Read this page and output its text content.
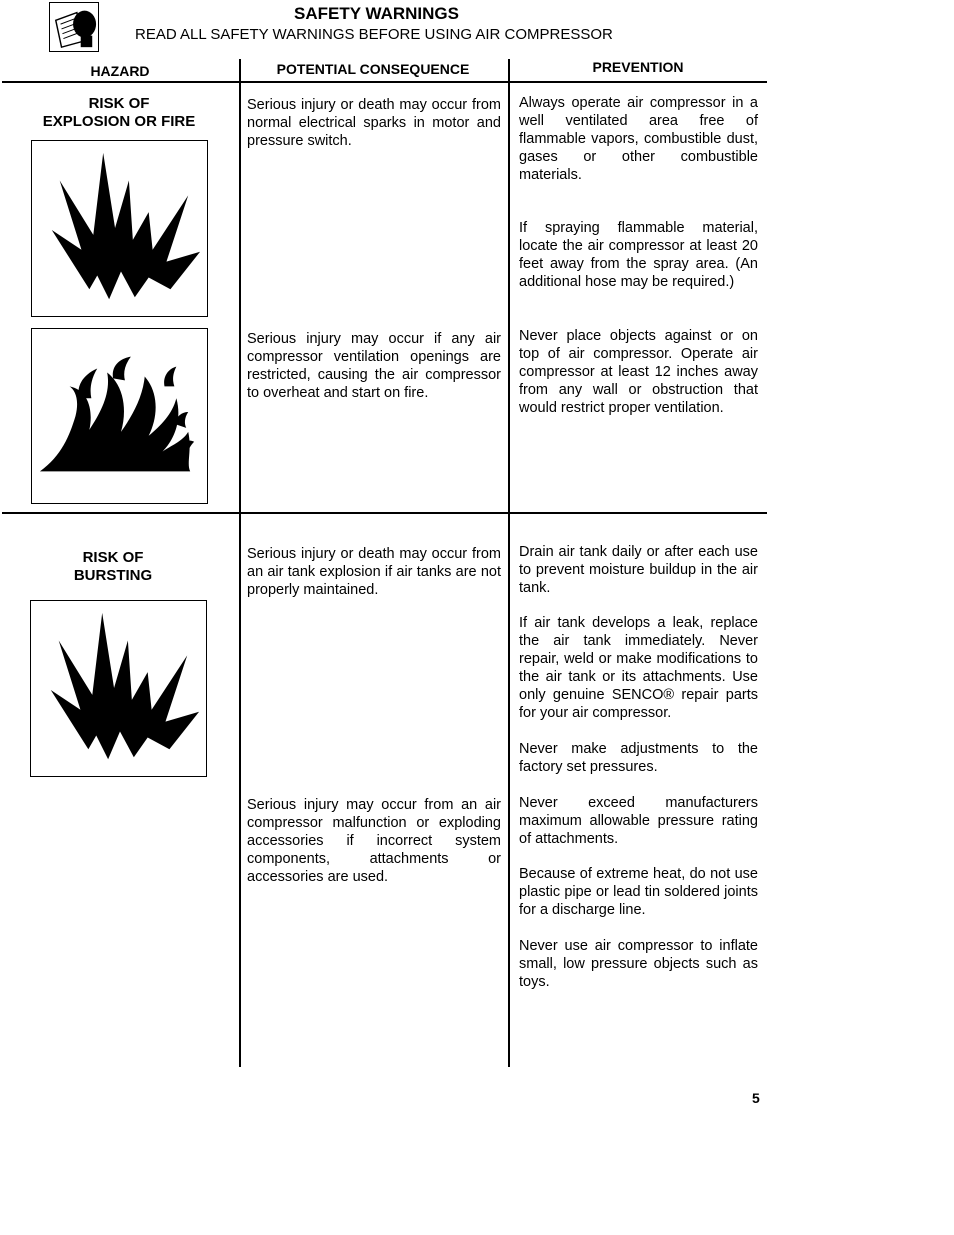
SAFETY WARNINGS
READ ALL SAFETY WARNINGS BEFORE USING AIR COMPRESSOR
HAZARD	POTENTIAL CONSEQUENCE	PREVENTION
RISK OF
EXPLOSION OR FIRE

Serious injury or death may occur from normal electrical sparks in motor and pressure switch.

Serious injury may occur if any air compressor ventilation openings are restricted, causing the air compressor to overheat and start on fire.

Always operate air compressor in a well ventilated area free of flammable vapors, combustible dust, gases or other combustible materials.

If spraying flammable material, locate the air compressor at least 20 feet away from the spray area. (An additional hose may be required.)

Never place objects against or on top of air compressor. Operate air compressor at least 12 inches away from any wall or obstruction that would restrict proper ventilation.

RISK OF
BURSTING

Serious injury or death may occur from an air tank explosion if air tanks are not properly maintained.

Serious injury may occur from an air compressor malfunction or exploding accessories if incorrect system components, attachments or accessories are used.

Drain air tank daily or after each use to prevent moisture buildup in the air tank.

If air tank develops a leak, replace the air tank immediately. Never repair, weld or make modifications to the air tank or its attachments. Use only genuine SENCO® repair parts for your air compressor.

Never make adjustments to the factory set pressures.

Never exceed manufacturers maximum allowable pressure rating of attachments.

Because of extreme heat, do not use plastic pipe or lead tin soldered joints for a discharge line.

Never use air compressor to inflate small, low pressure objects such as toys.

5
